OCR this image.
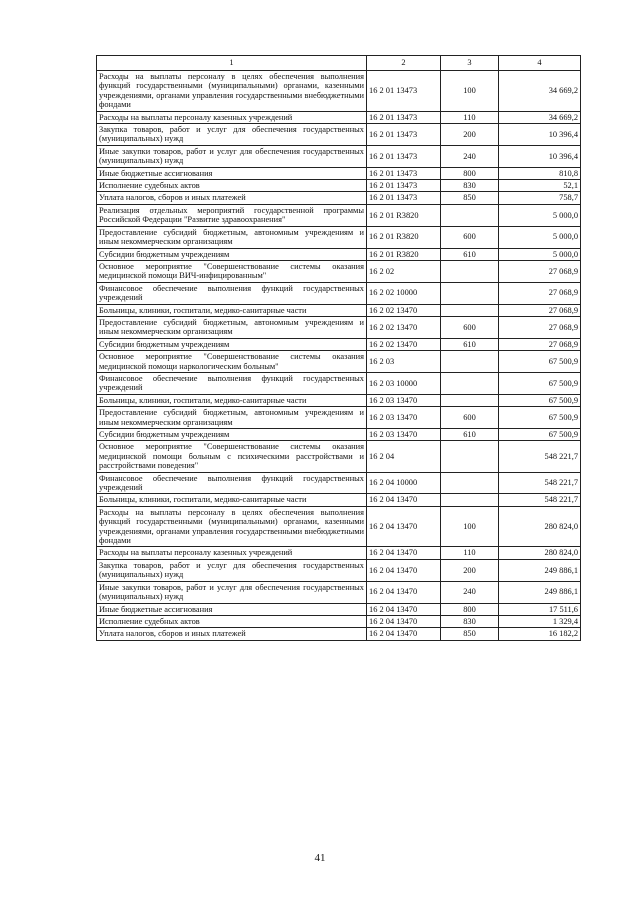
1	2	3	4
Расходы на выплаты персоналу в целях обеспечения выполнения функций государственными (муниципальными) органами, казенными учреждениями, органами управления государственными внебюджетными фондами	16 2 01 13473	100	34 669,2
Расходы на выплаты персоналу казенных учреждений	16 2 01 13473	110	34 669,2
Закупка товаров, работ и услуг для обеспечения государственных (муниципальных) нужд	16 2 01 13473	200	10 396,4
Иные закупки товаров, работ и услуг для обеспечения государственных (муниципальных) нужд	16 2 01 13473	240	10 396,4
Иные бюджетные ассигнования	16 2 01 13473	800	810,8
Исполнение судебных актов	16 2 01 13473	830	52,1
Уплата налогов, сборов и иных платежей	16 2 01 13473	850	758,7
Реализация отдельных мероприятий государственной программы Российской Федерации "Развитие здравоохранения"	16 2 01 R3820		5 000,0
Предоставление субсидий бюджетным, автономным учреждениям и иным некоммерческим организациям	16 2 01 R3820	600	5 000,0
Субсидии бюджетным учреждениям	16 2 01 R3820	610	5 000,0
Основное мероприятие "Совершенствование системы оказания медицинской помощи ВИЧ-инфицированным"	16 2 02		27 068,9
Финансовое обеспечение выполнения функций государственных учреждений	16 2 02 10000		27 068,9
Больницы, клиники, госпитали, медико-санитарные части	16 2 02 13470		27 068,9
Предоставление субсидий бюджетным, автономным учреждениям и иным некоммерческим организациям	16 2 02 13470	600	27 068,9
Субсидии бюджетным учреждениям	16 2 02 13470	610	27 068,9
Основное мероприятие "Совершенствование системы оказания медицинской помощи наркологическим больным"	16 2 03		67 500,9
Финансовое обеспечение выполнения функций государственных учреждений	16 2 03 10000		67 500,9
Больницы, клиники, госпитали, медико-санитарные части	16 2 03 13470		67 500,9
Предоставление субсидий бюджетным, автономным учреждениям и иным некоммерческим организациям	16 2 03 13470	600	67 500,9
Субсидии бюджетным учреждениям	16 2 03 13470	610	67 500,9
Основное мероприятие "Совершенствование системы оказания медицинской помощи больным с психическими расстройствами и расстройствами поведения"	16 2 04		548 221,7
Финансовое обеспечение выполнения функций государственных учреждений	16 2 04 10000		548 221,7
Больницы, клиники, госпитали, медико-санитарные части	16 2 04 13470		548 221,7
Расходы на выплаты персоналу в целях обеспечения выполнения функций государственными (муниципальными) органами, казенными учреждениями, органами управления государственными внебюджетными фондами	16 2 04 13470	100	280 824,0
Расходы на выплаты персоналу казенных учреждений	16 2 04 13470	110	280 824,0
Закупка товаров, работ и услуг для обеспечения государственных (муниципальных) нужд	16 2 04 13470	200	249 886,1
Иные закупки товаров, работ и услуг для обеспечения государственных (муниципальных) нужд	16 2 04 13470	240	249 886,1
Иные бюджетные ассигнования	16 2 04 13470	800	17 511,6
Исполнение судебных актов	16 2 04 13470	830	1 329,4
Уплата налогов, сборов и иных платежей	16 2 04 13470	850	16 182,2
41
